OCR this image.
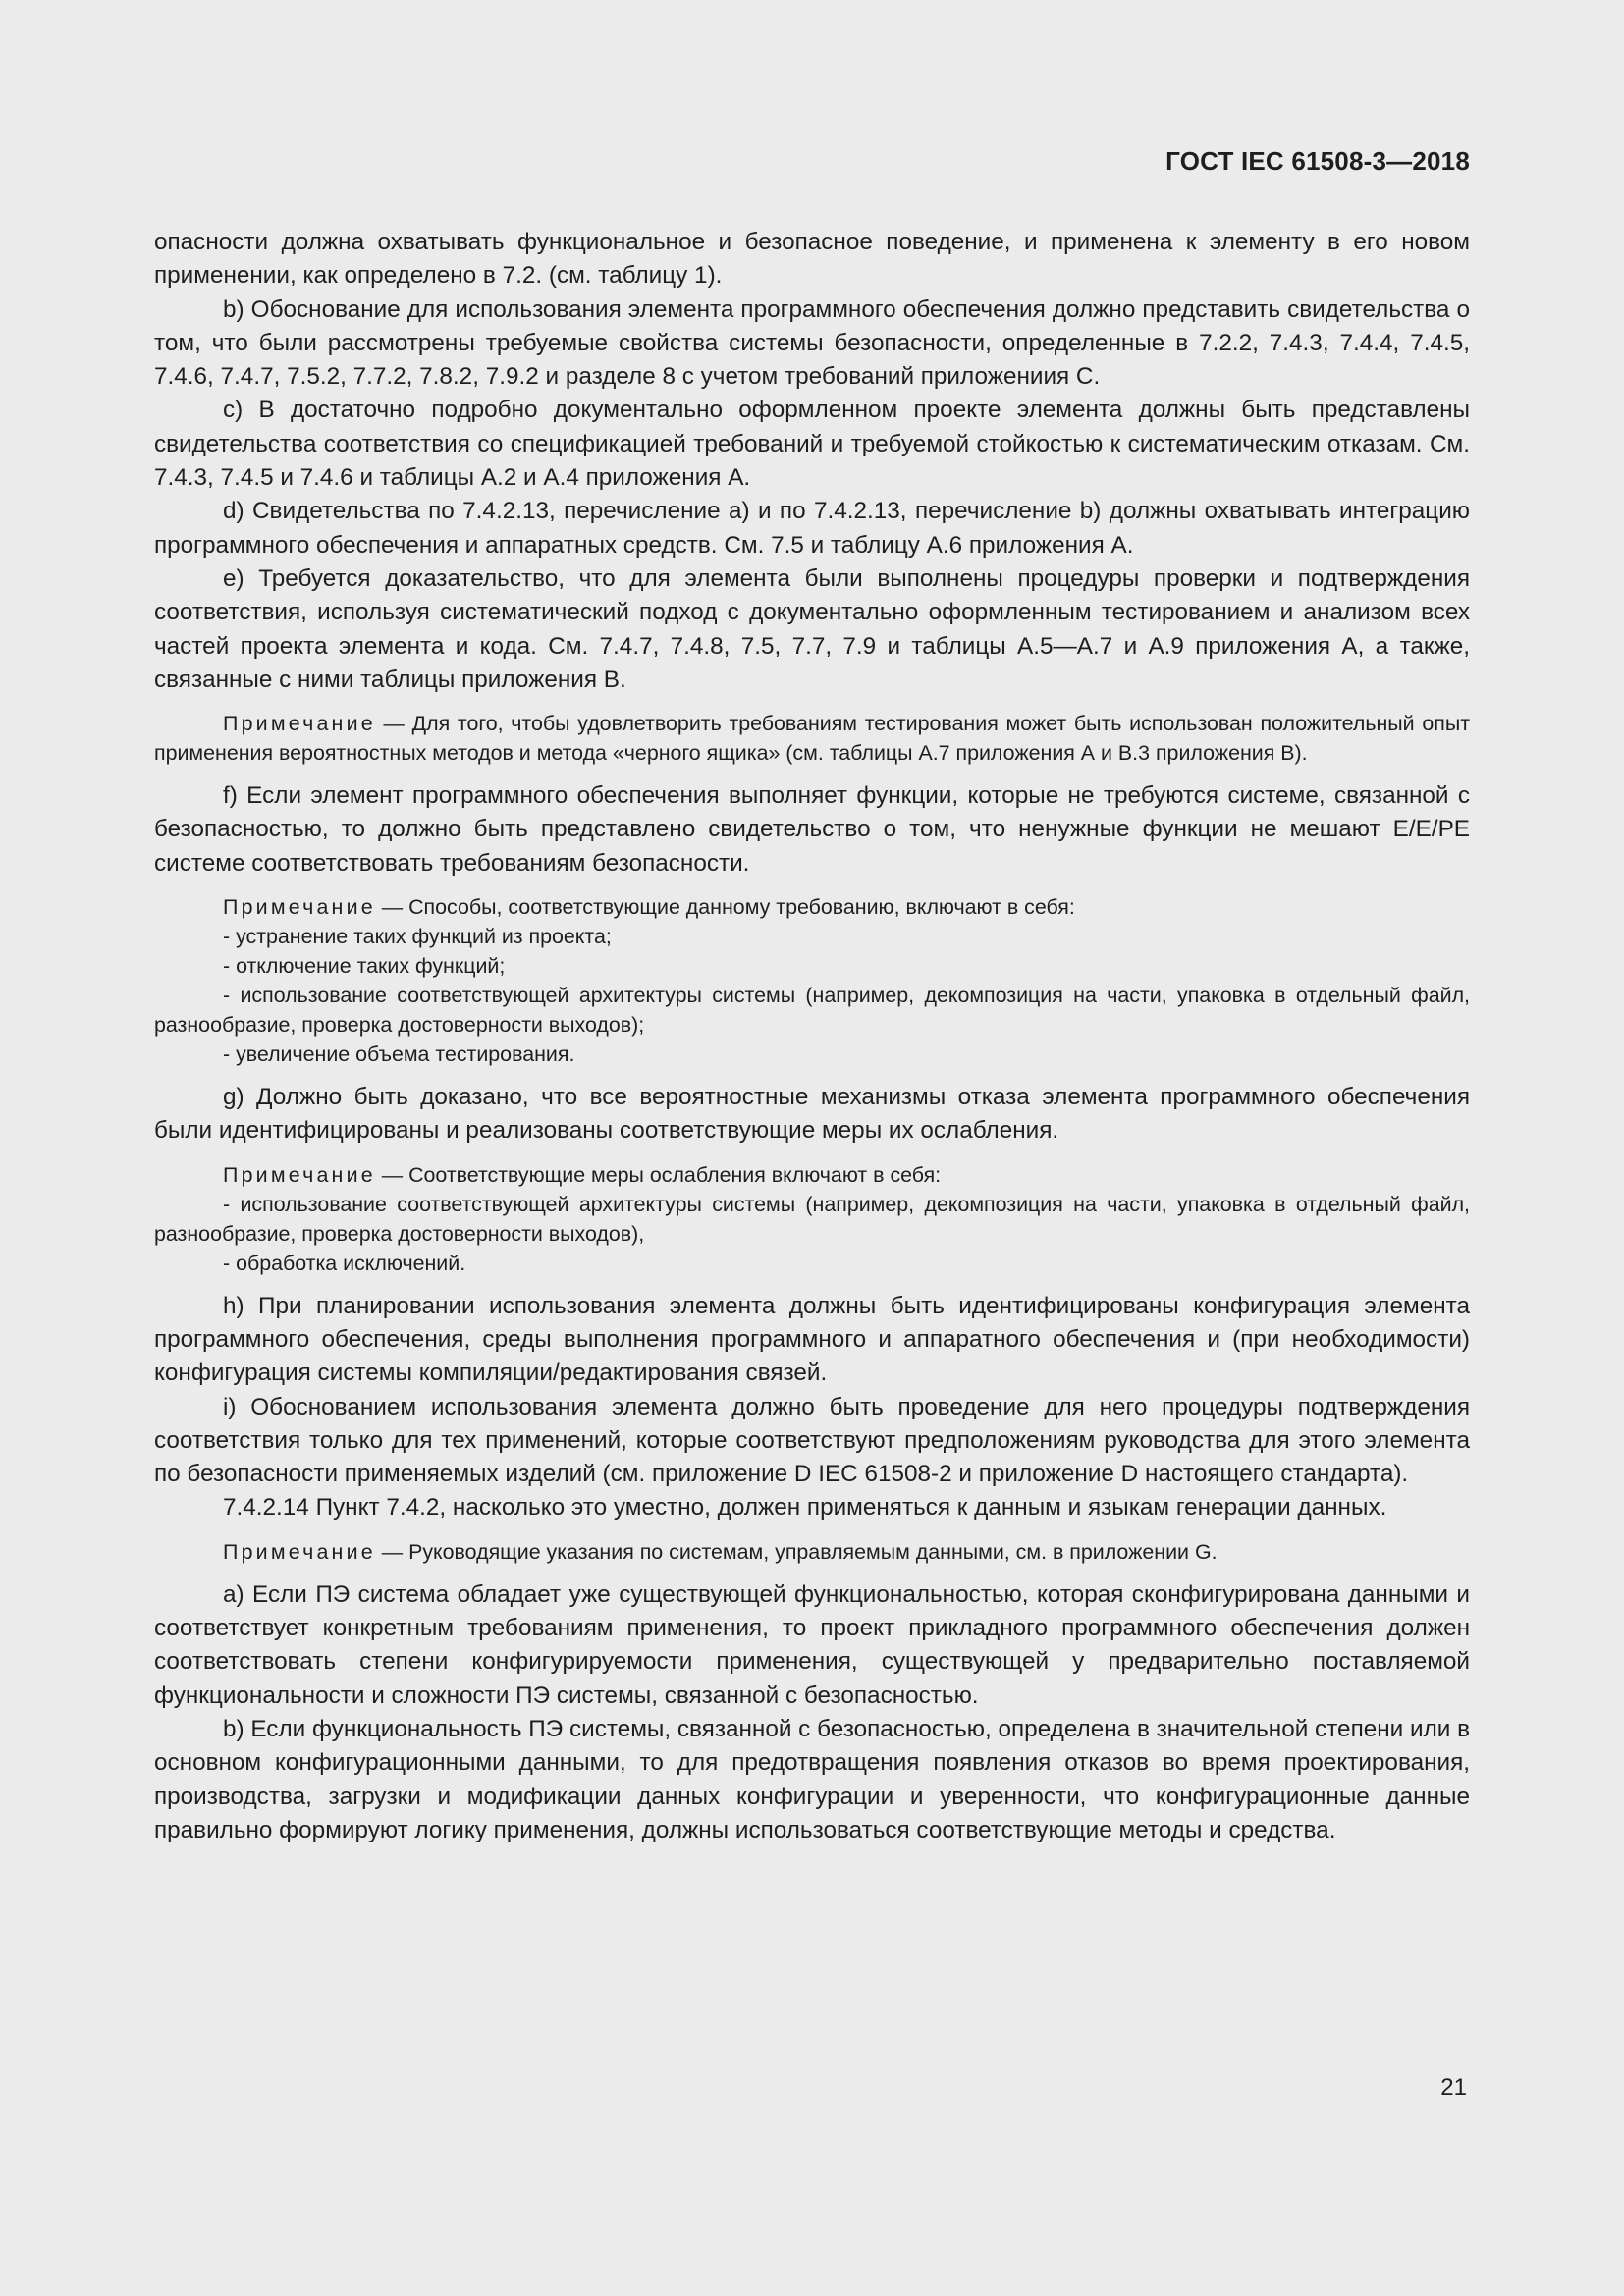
ГОСТ IEC 61508-3—2018

опасности должна охватывать функциональное и безопасное поведение, и применена к элементу в его новом применении, как определено в 7.2. (см. таблицу 1).

b) Обоснование для использования элемента программного обеспечения должно представить свидетельства о том, что были рассмотрены требуемые свойства системы безопасности, определенные в 7.2.2, 7.4.3, 7.4.4, 7.4.5, 7.4.6, 7.4.7, 7.5.2, 7.7.2, 7.8.2, 7.9.2 и разделе 8 с учетом требований приложениия С.

c) В достаточно подробно документально оформленном проекте элемента должны быть представлены свидетельства соответствия со спецификацией требований и требуемой стойкостью к систематическим отказам. См. 7.4.3, 7.4.5 и 7.4.6 и таблицы А.2 и А.4 приложения А.

d) Свидетельства по 7.4.2.13, перечисление a) и по 7.4.2.13, перечисление b) должны охватывать интеграцию программного обеспечения и аппаратных средств. См. 7.5 и таблицу А.6 приложения А.

e) Требуется доказательство, что для элемента были выполнены процедуры проверки и подтверждения соответствия, используя систематический подход с документально оформленным тестированием и анализом всех частей проекта элемента и кода. См. 7.4.7, 7.4.8, 7.5, 7.7, 7.9 и таблицы А.5—А.7 и А.9 приложения А, а также, связанные с ними таблицы приложения В.

Примечание — Для того, чтобы удовлетворить требованиям тестирования может быть использован положительный опыт применения вероятностных методов и метода «черного ящика» (см. таблицы А.7 приложения А и В.3 приложения В).

f) Если элемент программного обеспечения выполняет функции, которые не требуются системе, связанной с безопасностью, то должно быть представлено свидетельство о том, что ненужные функции не мешают E/E/PE системе соответствовать требованиям безопасности.

Примечание — Способы, соответствующие данному требованию, включают в себя:

- устранение таких функций из проекта;

- отключение таких функций;

- использование соответствующей архитектуры системы (например, декомпозиция на части, упаковка в отдельный файл, разнообразие, проверка достоверности выходов);

- увеличение объема тестирования.

g) Должно быть доказано, что все вероятностные механизмы отказа элемента программного обеспечения были идентифицированы и реализованы соответствующие меры их ослабления.

Примечание — Соответствующие меры ослабления включают в себя:

- использование соответствующей архитектуры системы (например, декомпозиция на части, упаковка в отдельный файл, разнообразие, проверка достоверности выходов),

- обработка исключений.

h) При планировании использования элемента должны быть идентифицированы конфигурация элемента программного обеспечения, среды выполнения программного и аппаратного обеспечения и (при необходимости) конфигурация системы компиляции/редактирования связей.

i) Обоснованием использования элемента должно быть проведение для него процедуры подтверждения соответствия только для тех применений, которые соответствуют предположениям руководства для этого элемента по безопасности применяемых изделий (см. приложение D IEC 61508-2 и приложение D настоящего стандарта).

7.4.2.14 Пункт 7.4.2, насколько это уместно, должен применяться к данным и языкам генерации данных.

Примечание — Руководящие указания по системам, управляемым данными, см. в приложении G.

a) Если ПЭ система обладает уже существующей функциональностью, которая сконфигурирована данными и соответствует конкретным требованиям применения, то проект прикладного программного обеспечения должен соответствовать степени конфигурируемости применения, существующей у предварительно поставляемой функциональности и сложности ПЭ системы, связанной с безопасностью.

b) Если функциональность ПЭ системы, связанной с безопасностью, определена в значительной степени или в основном конфигурационными данными, то для предотвращения появления отказов во время проектирования, производства, загрузки и модификации данных конфигурации и уверенности, что конфигурационные данные правильно формируют логику применения, должны использоваться соответствующие методы и средства.

21
